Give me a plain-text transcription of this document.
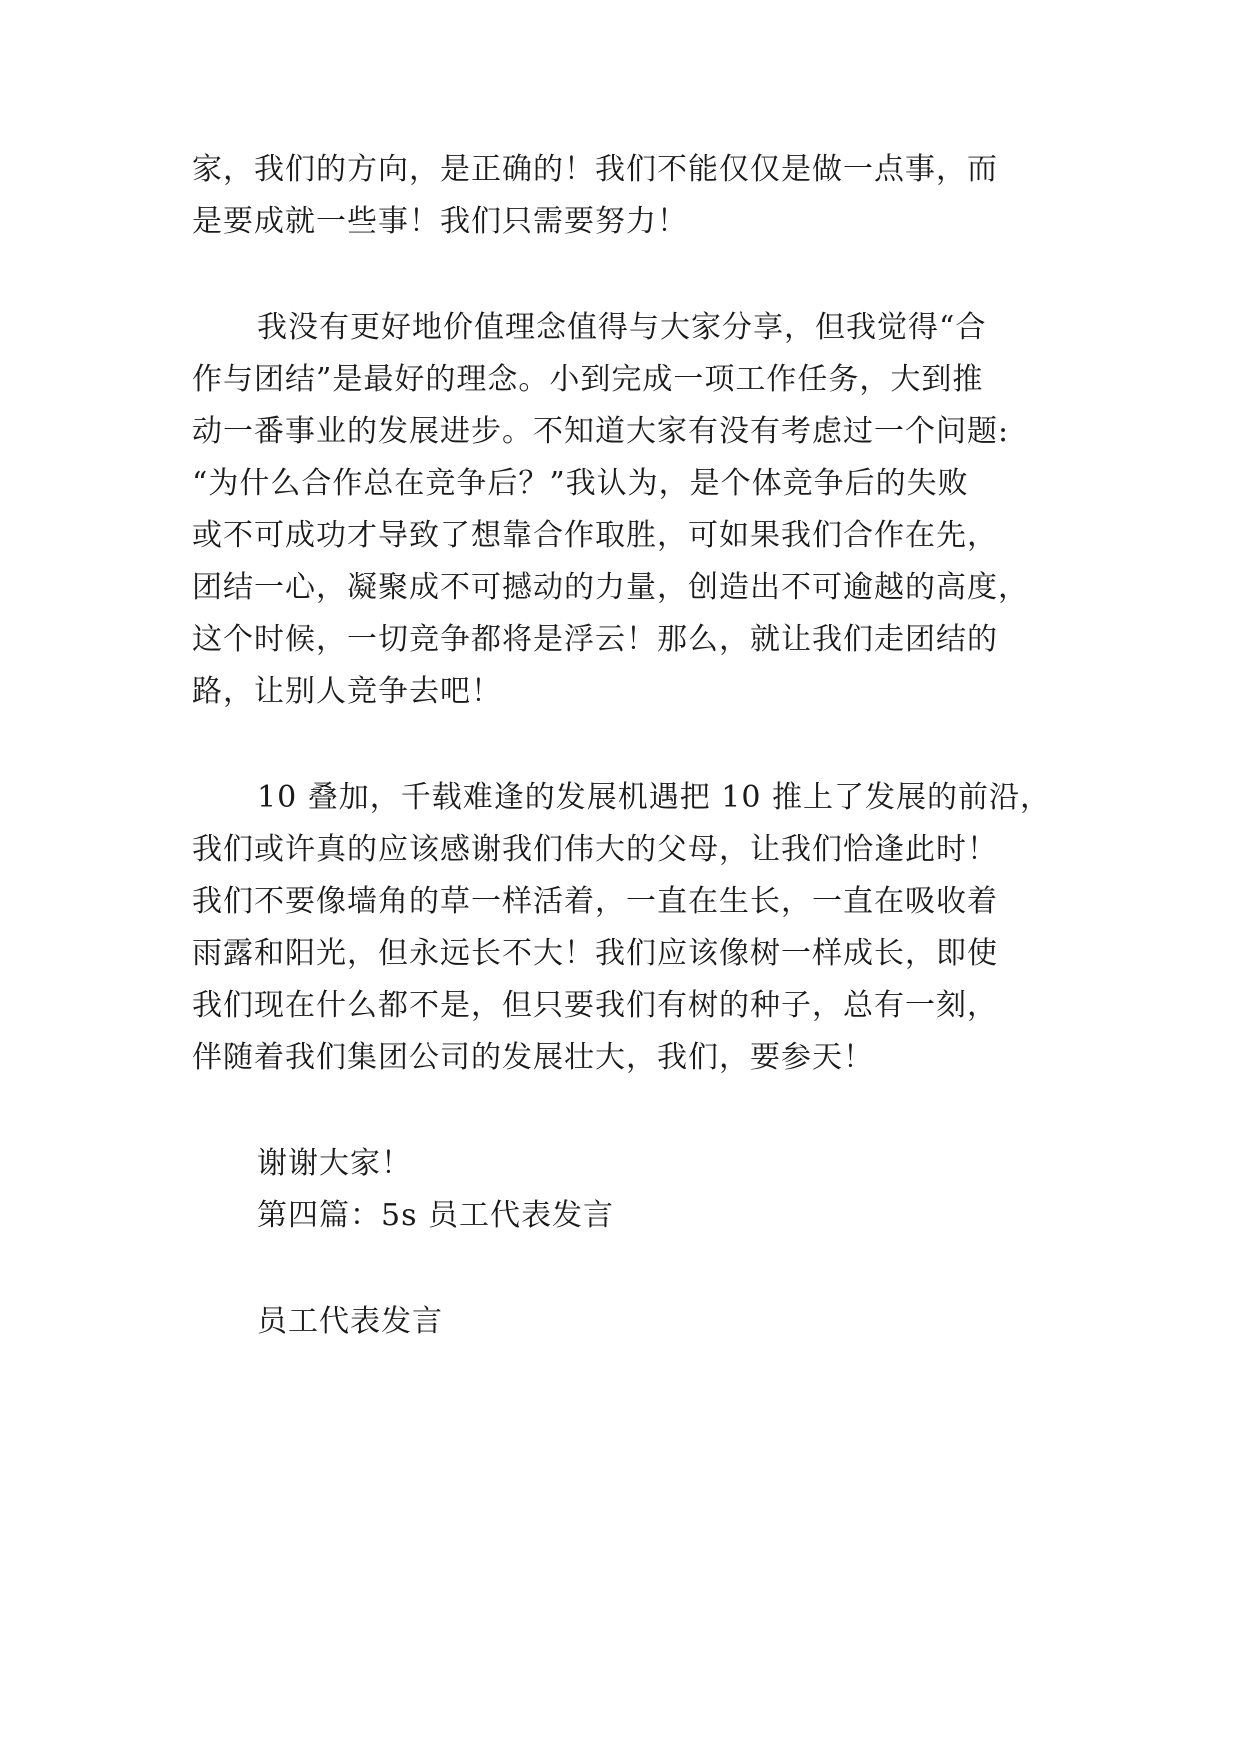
家，我们的方向，是正确的！我们不能仅仅是做一点事，而
是要成就一些事！我们只需要努力！
我没有更好地价值理念值得与大家分享，但我觉得“合
作与团结”是最好的理念。小到完成一项工作任务，大到推
动一番事业的发展进步。不知道大家有没有考虑过一个问题:
“为什么合作总在竞争后？”我认为，是个体竞争后的失败
或不可成功才导致了想靠合作取胜，可如果我们合作在先，
团结一心，凝聚成不可撼动的力量，创造出不可逾越的高度，
这个时候，一切竞争都将是浮云！那么，就让我们走团结的
路，让别人竞争去吧！
10 叠加，千载难逢的发展机遇把 10 推上了发展的前沿，
我们或许真的应该感谢我们伟大的父母，让我们恰逢此时！
我们不要像墙角的草一样活着，一直在生长，一直在吸收着
雨露和阳光，但永远长不大！我们应该像树一样成长，即使
我们现在什么都不是，但只要我们有树的种子，总有一刻，
伴随着我们集团公司的发展壮大，我们，要参天！
谢谢大家！
第四篇：5s 员工代表发言
员工代表发言
